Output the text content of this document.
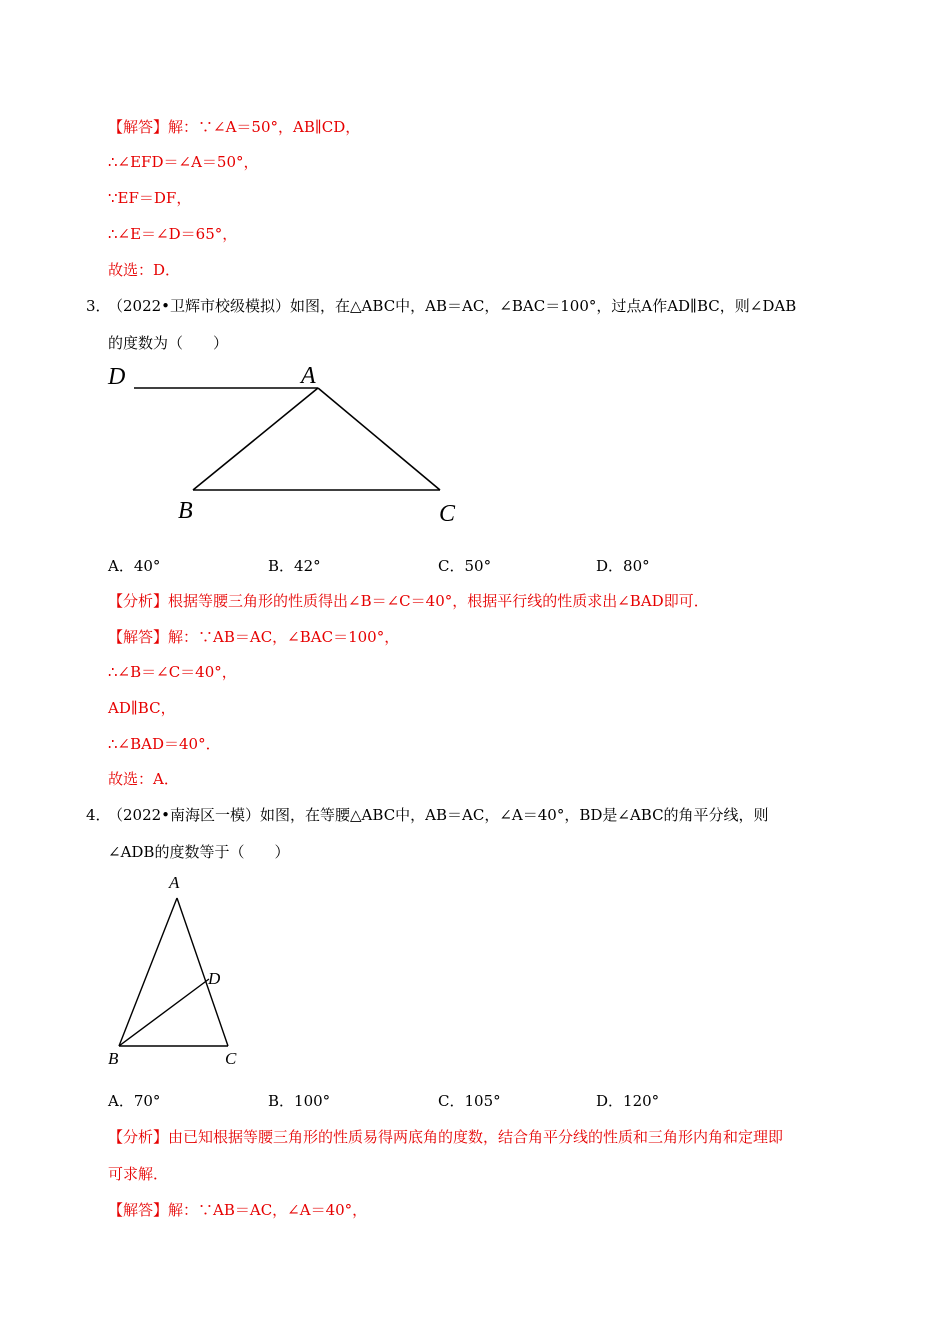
【解答】解：∵∠A＝50°，AB∥CD，
∴∠EFD＝∠A＝50°，
∵EF＝DF，
∴∠E＝∠D＝65°，
故选：D．
3．
（2022•卫辉市校级模拟）如图，在△ABC中，AB＝AC，∠BAC＝100°，过点A作AD∥BC，则∠DAB
的度数为（　　）
D	A
B	C
A．40°	B．42°	C．50°	D．80°
【分析】根据等腰三角形的性质得出∠B＝∠C＝40°，根据平行线的性质求出∠BAD即可．
【解答】解：∵AB＝AC，∠BAC＝100°，
∴∠B＝∠C＝40°，
AD∥BC，
∴∠BAD＝40°．
故选：A．
4．
（2022•南海区一模）如图，在等腰△ABC中，AB＝AC，∠A＝40°，BD是∠ABC的角平分线，则
∠ADB的度数等于（　　）
A
D
B	C
A．70°	B．100°	C．105°	D．120°
【分析】由已知根据等腰三角形的性质易得两底角的度数，结合角平分线的性质和三角形内角和定理即
可求解．
【解答】解：∵AB＝AC，∠A＝40°，
